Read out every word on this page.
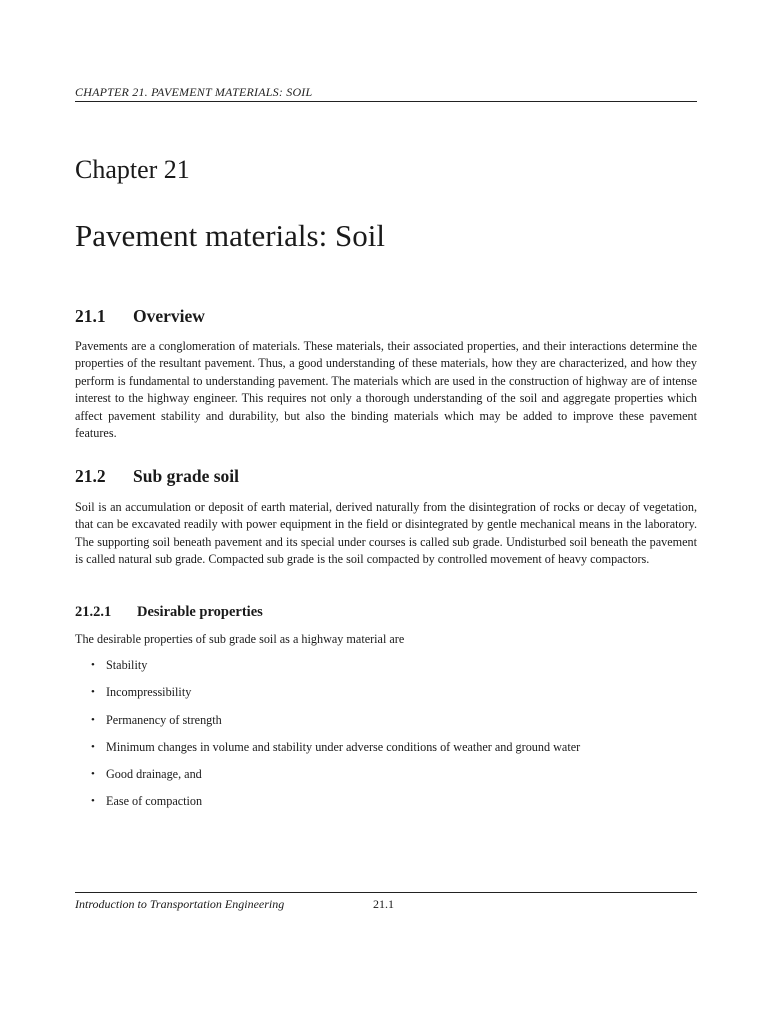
CHAPTER 21. PAVEMENT MATERIALS: SOIL
Chapter 21
Pavement materials: Soil
21.1 Overview

Pavements are a conglomeration of materials. These materials, their associated properties, and their interactions determine the properties of the resultant pavement. Thus, a good understanding of these materials, how they are characterized, and how they perform is fundamental to understanding pavement. The materials which are used in the construction of highway are of intense interest to the highway engineer. This requires not only a thorough understanding of the soil and aggregate properties which affect pavement stability and durability, but also the binding materials which may be added to improve these pavement features.

21.2 Sub grade soil

Soil is an accumulation or deposit of earth material, derived naturally from the disintegration of rocks or decay of vegetation, that can be excavated readily with power equipment in the field or disintegrated by gentle mechanical means in the laboratory. The supporting soil beneath pavement and its special under courses is called sub grade. Undisturbed soil beneath the pavement is called natural sub grade. Compacted sub grade is the soil compacted by controlled movement of heavy compactors.

21.2.1 Desirable properties

The desirable properties of sub grade soil as a highway material are

• Stability
• Incompressibility
• Permanency of strength
• Minimum changes in volume and stability under adverse conditions of weather and ground water
• Good drainage, and
• Ease of compaction
Introduction to Transportation Engineering	21.1
